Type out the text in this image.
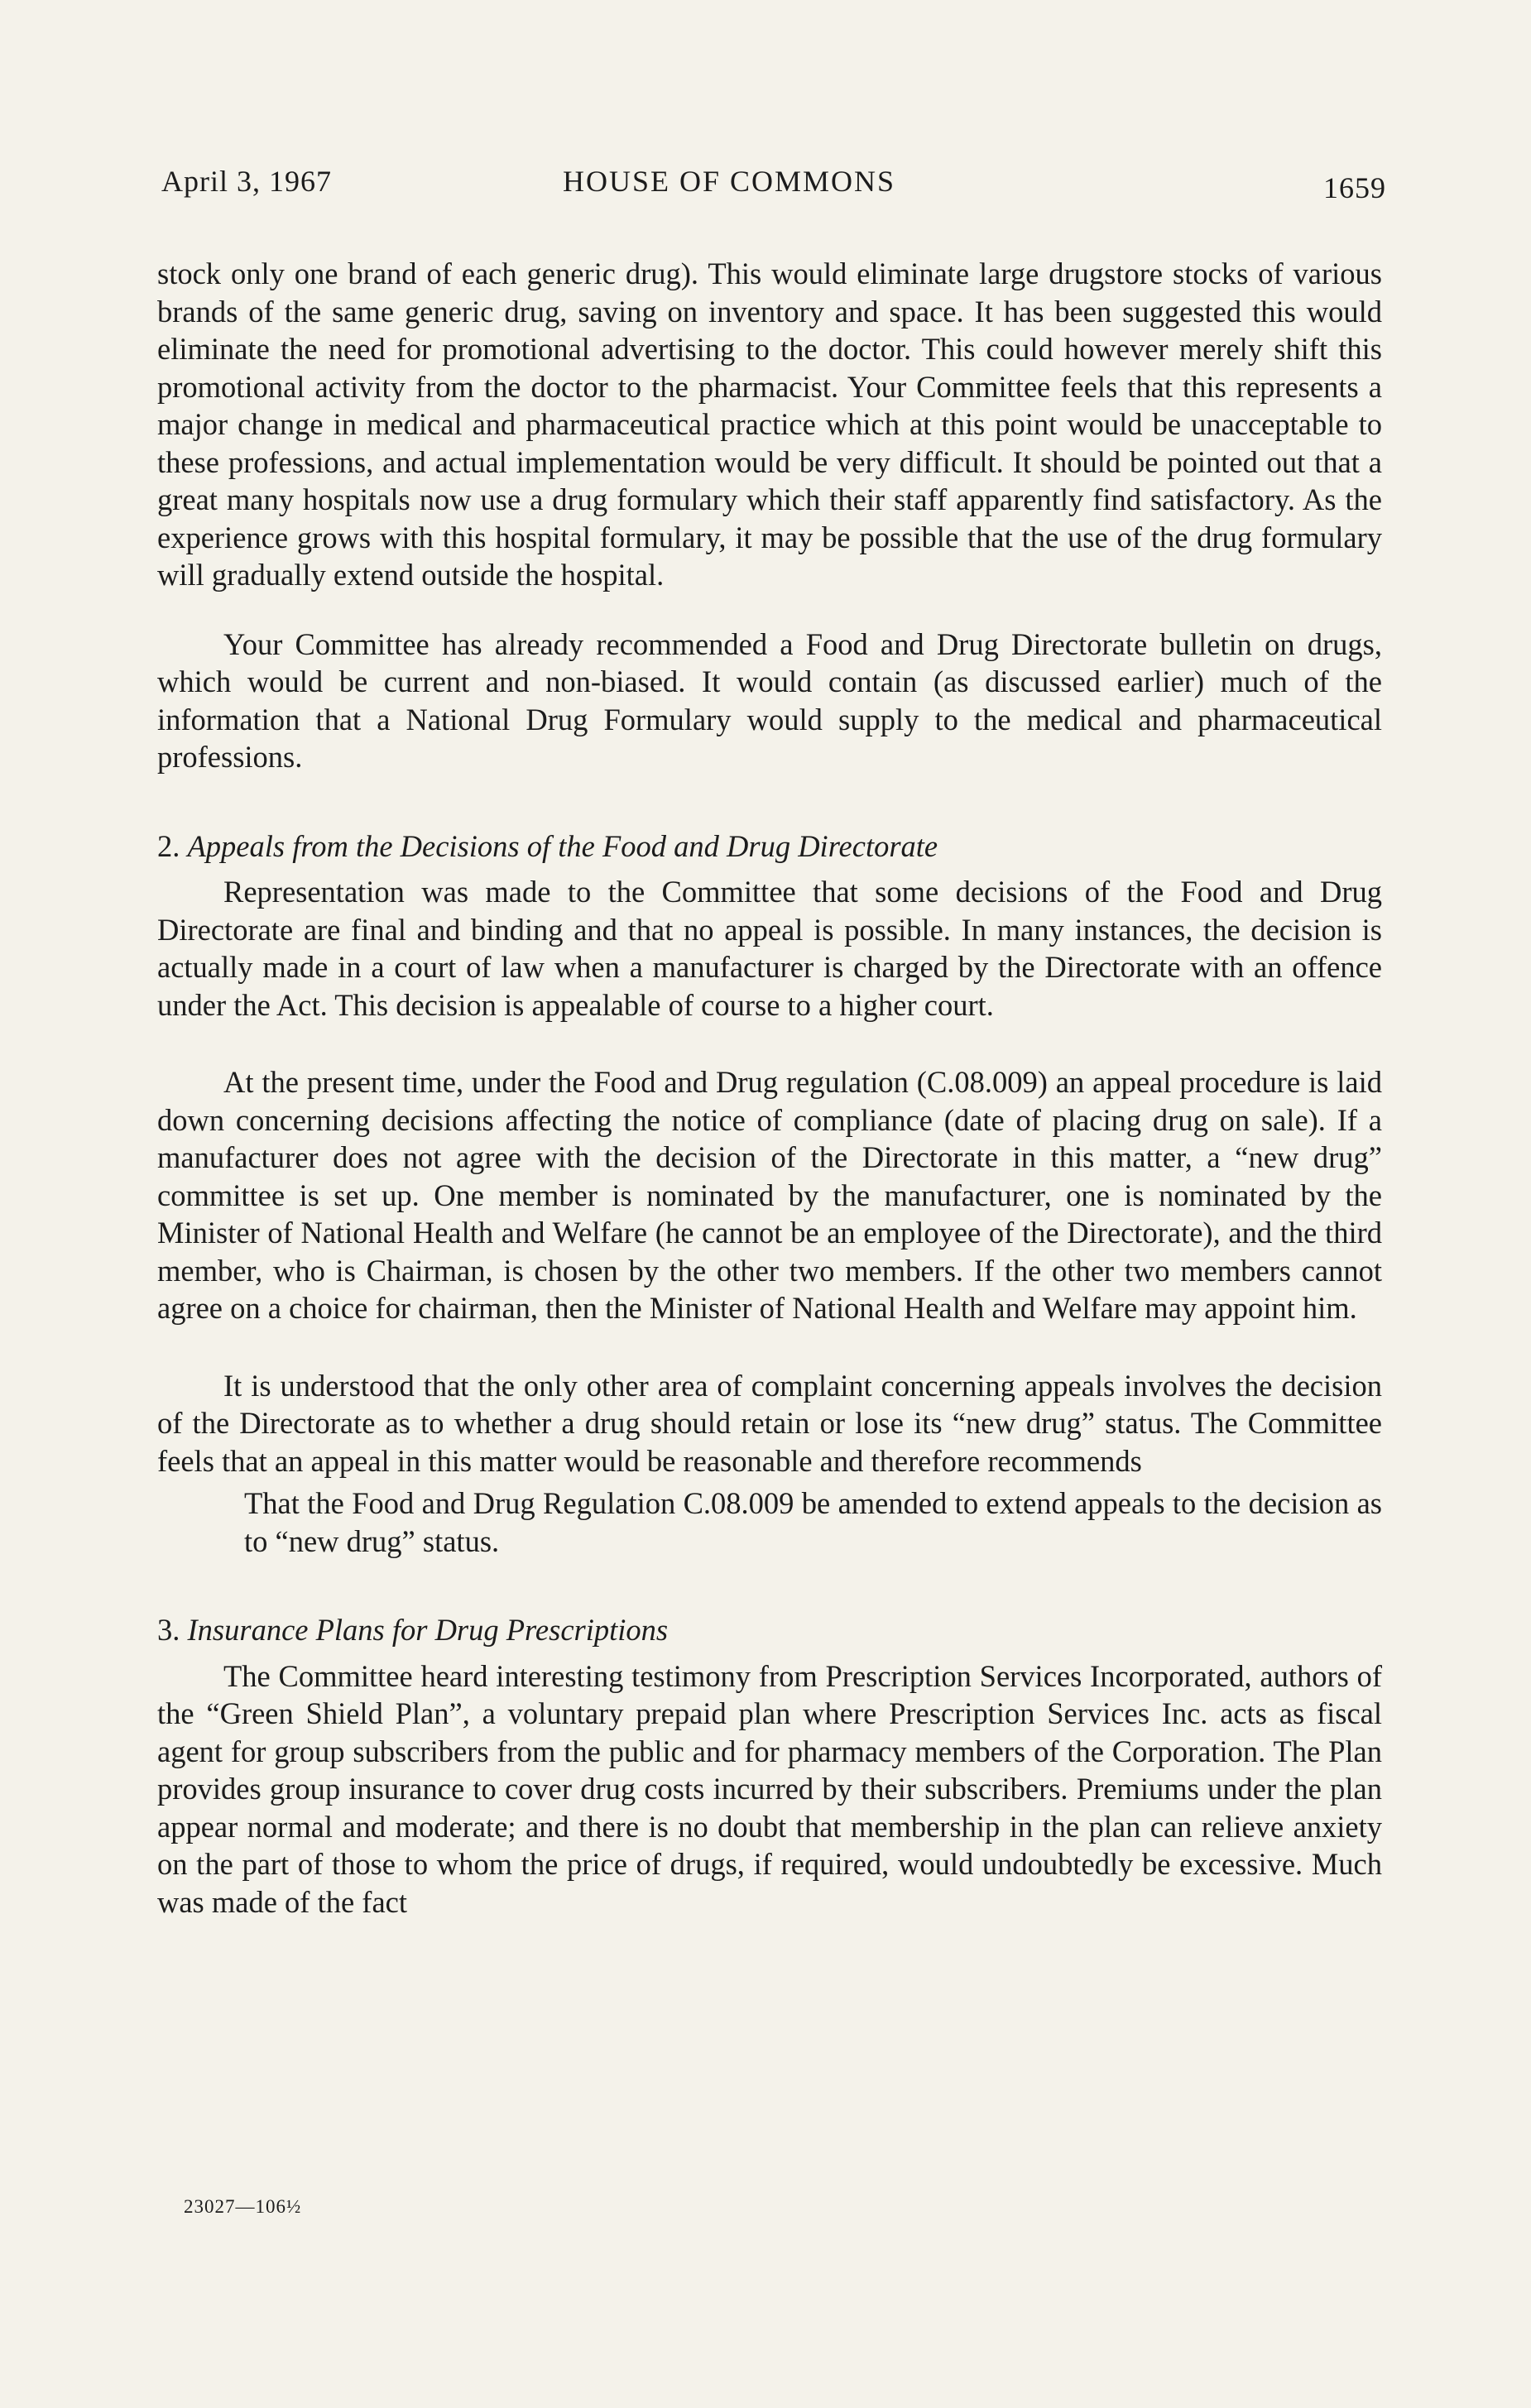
April 3, 1967	HOUSE OF COMMONS	1659

stock only one brand of each generic drug). This would eliminate large drugstore stocks of various brands of the same generic drug, saving on inventory and space. It has been suggested this would eliminate the need for promotional advertising to the doctor. This could however merely shift this promotional activity from the doctor to the pharmacist. Your Committee feels that this represents a major change in medical and pharmaceutical practice which at this point would be unacceptable to these professions, and actual implementation would be very difficult. It should be pointed out that a great many hospitals now use a drug formulary which their staff apparently find satisfactory. As the experience grows with this hospital formulary, it may be possible that the use of the drug formulary will gradually extend outside the hospital.

Your Committee has already recommended a Food and Drug Directorate bulletin on drugs, which would be current and non-biased. It would contain (as discussed earlier) much of the information that a National Drug Formulary would supply to the medical and pharmaceutical professions.

2. Appeals from the Decisions of the Food and Drug Directorate

Representation was made to the Committee that some decisions of the Food and Drug Directorate are final and binding and that no appeal is possible. In many instances, the decision is actually made in a court of law when a manufacturer is charged by the Directorate with an offence under the Act. This decision is appealable of course to a higher court.

At the present time, under the Food and Drug regulation (C.08.009) an appeal procedure is laid down concerning decisions affecting the notice of compliance (date of placing drug on sale). If a manufacturer does not agree with the decision of the Directorate in this matter, a “new drug” committee is set up. One member is nominated by the manufacturer, one is nominated by the Minister of National Health and Welfare (he cannot be an employee of the Directorate), and the third member, who is Chairman, is chosen by the other two members. If the other two members cannot agree on a choice for chairman, then the Minister of National Health and Welfare may appoint him.

It is understood that the only other area of complaint concerning appeals involves the decision of the Directorate as to whether a drug should retain or lose its “new drug” status. The Committee feels that an appeal in this matter would be reasonable and therefore recommends

That the Food and Drug Regulation C.08.009 be amended to extend appeals to the decision as to “new drug” status.

3. Insurance Plans for Drug Prescriptions

The Committee heard interesting testimony from Prescription Services Incorporated, authors of the “Green Shield Plan”, a voluntary prepaid plan where Prescription Services Inc. acts as fiscal agent for group subscribers from the public and for pharmacy members of the Corporation. The Plan provides group insurance to cover drug costs incurred by their subscribers. Premiums under the plan appear normal and moderate; and there is no doubt that membership in the plan can relieve anxiety on the part of those to whom the price of drugs, if required, would undoubtedly be excessive. Much was made of the fact

23027—106½
